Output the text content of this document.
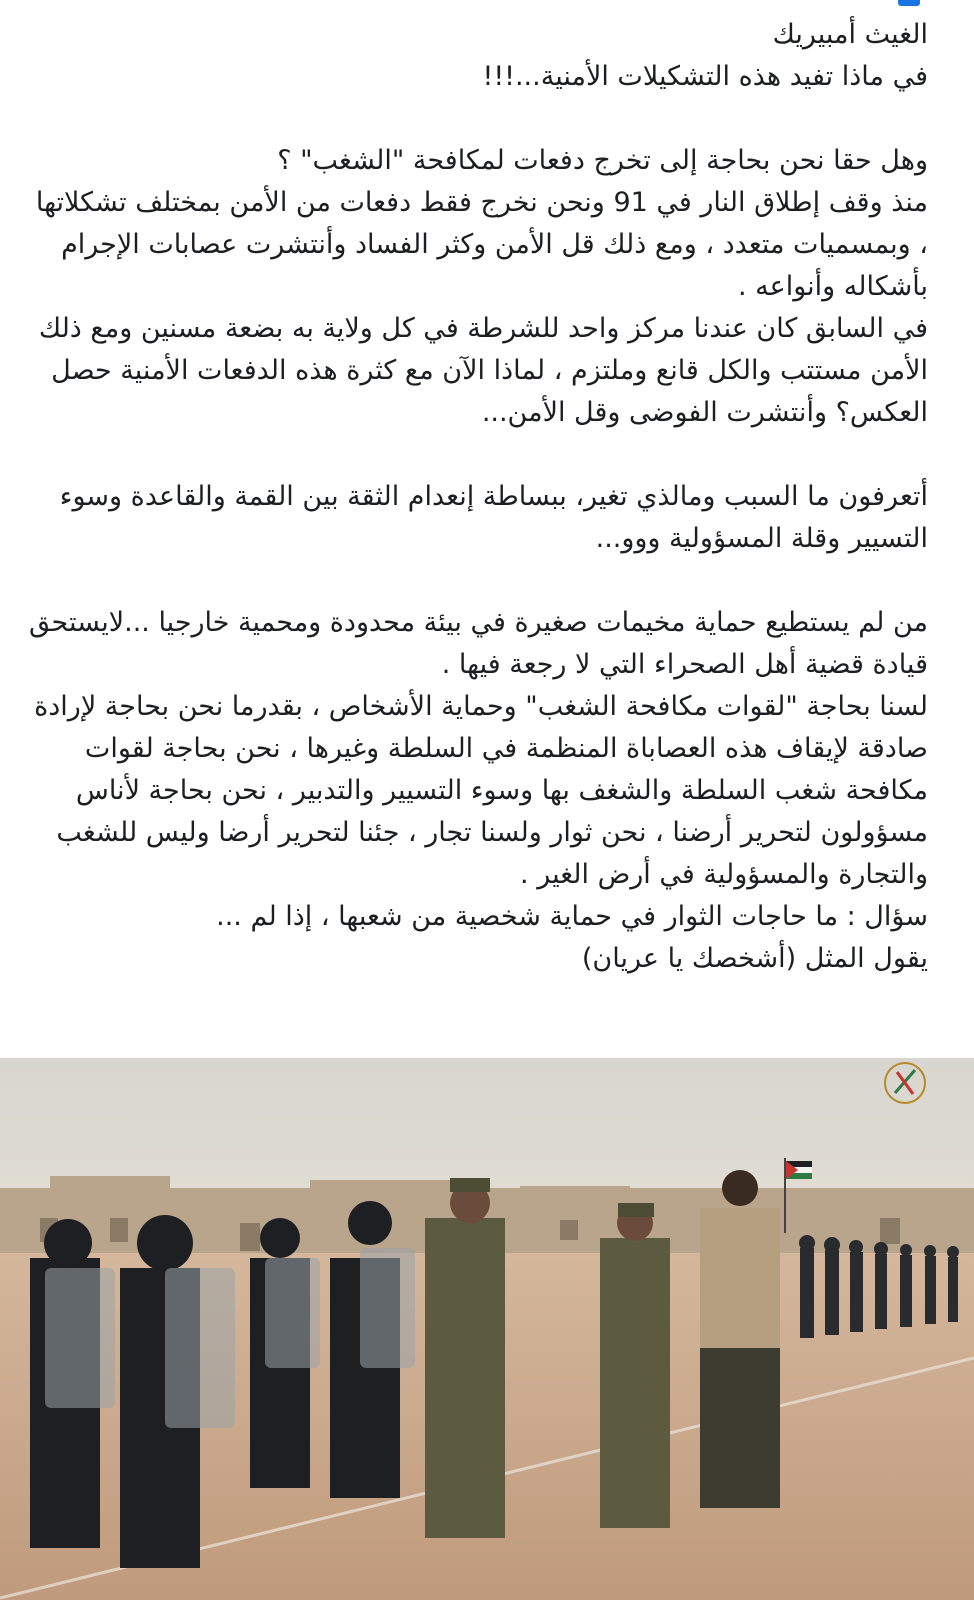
الغيث أمبيريك

في ماذا تفيد هذه التشكيلات الأمنية...!!!

وهل حقا نحن بحاجة إلى تخرج دفعات لمكافحة "الشغب" ؟

منذ وقف إطلاق النار في 91 ونحن نخرج فقط دفعات من الأمن بمختلف تشكلاتها ، وبمسميات متعدد ، ومع ذلك قل الأمن وكثر الفساد وأنتشرت عصابات الإجرام بأشكاله وأنواعه .

في السابق كان عندنا مركز واحد للشرطة في كل ولاية به بضعة مسنين ومع ذلك الأمن مستتب والكل قانع وملتزم ، لماذا الآن مع كثرة هذه الدفعات الأمنية حصل العكس؟ وأنتشرت الفوضى وقل الأمن...

أتعرفون ما السبب ومالذي تغير، ببساطة إنعدام الثقة بين القمة والقاعدة وسوء التسيير وقلة المسؤولية ووو...

من لم يستطيع حماية مخيمات صغيرة في بيئة محدودة ومحمية خارجيا ...لايستحق قيادة قضية أهل الصحراء التي لا رجعة فيها .

لسنا بحاجة "لقوات مكافحة الشغب" وحماية الأشخاص ، بقدرما نحن بحاجة لإرادة صادقة لإيقاف هذه العصاباة المنظمة في السلطة وغيرها ، نحن بحاجة لقوات مكافحة شغب السلطة والشغف بها وسوء التسيير والتدبير ، نحن بحاجة لأناس مسؤولون لتحرير أرضنا ، نحن ثوار ولسنا تجار ، جئنا لتحرير أرضا وليس للشغب والتجارة والمسؤولية في أرض الغير .

سؤال : ما حاجات الثوار في حماية شخصية من شعبها ، إذا لم ...

يقول المثل (أشخصك يا عريان)
